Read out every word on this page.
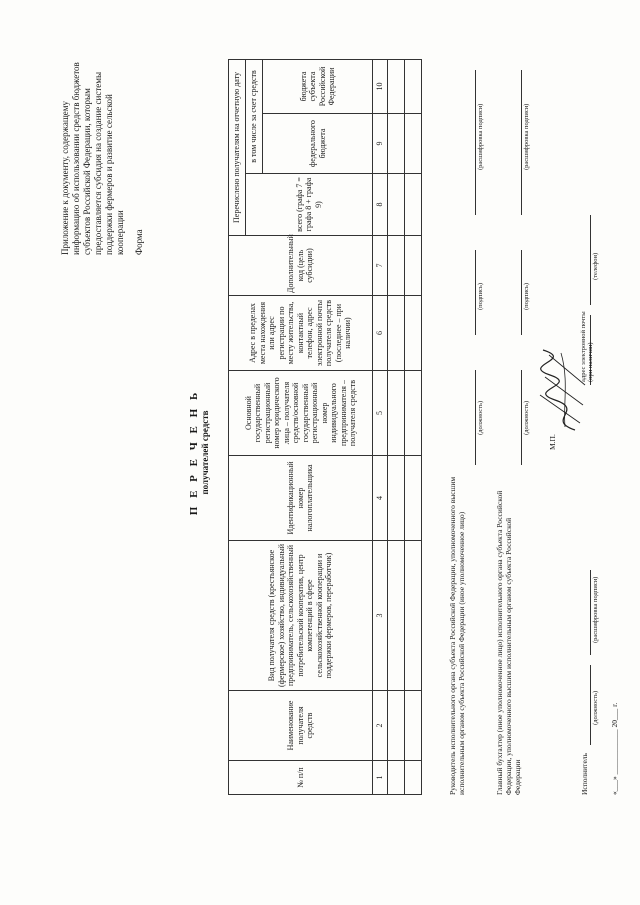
Приложение к документу, содержащему информацию об использовании средств бюджетов субъектов Российской Федерации, которым предоставляется субсидия на создание системы поддержки фермеров и развитие сельской кооперации Форма
П Е Р Е Ч Е Н Ь получателей средств
№ п/п	Наименование получателя средств	Вид получателя средств (крестьянское (фермерское) хозяйство, индивидуальный предприниматель, сельскохозяйственный потребительский кооператив, центр компетенций в сфере сельскохозяйственной кооперации и поддержки фермеров, переработчик)	Идентификационный номер налогоплательщика	Основной государственный регистрационный номер юридического лица – получателя средств/основной государственный регистрационный номер индивидуального предпринимателя – получателя средств	Адрес в пределах места нахождения или адрес регистрации по месту жительства, контактный телефон, адрес электронной почты получателя средств (последнее – при наличии)	Дополнительный код (цель субсидии)	Перечислено получателям на отчетную дату		
							всего (графа 7 = графа 8 + графа 9)	в том числе за счет средств	
								федерального бюджета	бюджета субъекта Российской Федерации
1	2	3	4	5	6	7	8	9	10

Руководитель исполнительного органа субъекта Российской Федерации, уполномоченного высшим исполнительным органом субъекта Российской Федерации (иное уполномоченное лицо)
(должность)
(подпись)
(расшифровка подписи)
Главный бухгалтер (иное уполномоченное лицо) исполнительного органа субъекта Российской Федерации, уполномоченного высшим исполнительным органом субъекта Российской Федерации
(должность)
(подпись)
(расшифровка подписи)
М.П.
Исполнитель
(должность)
(расшифровка подписи)
адрес электронной почты (при наличии)
(телефон)
«___» ____________ 20___ г.
